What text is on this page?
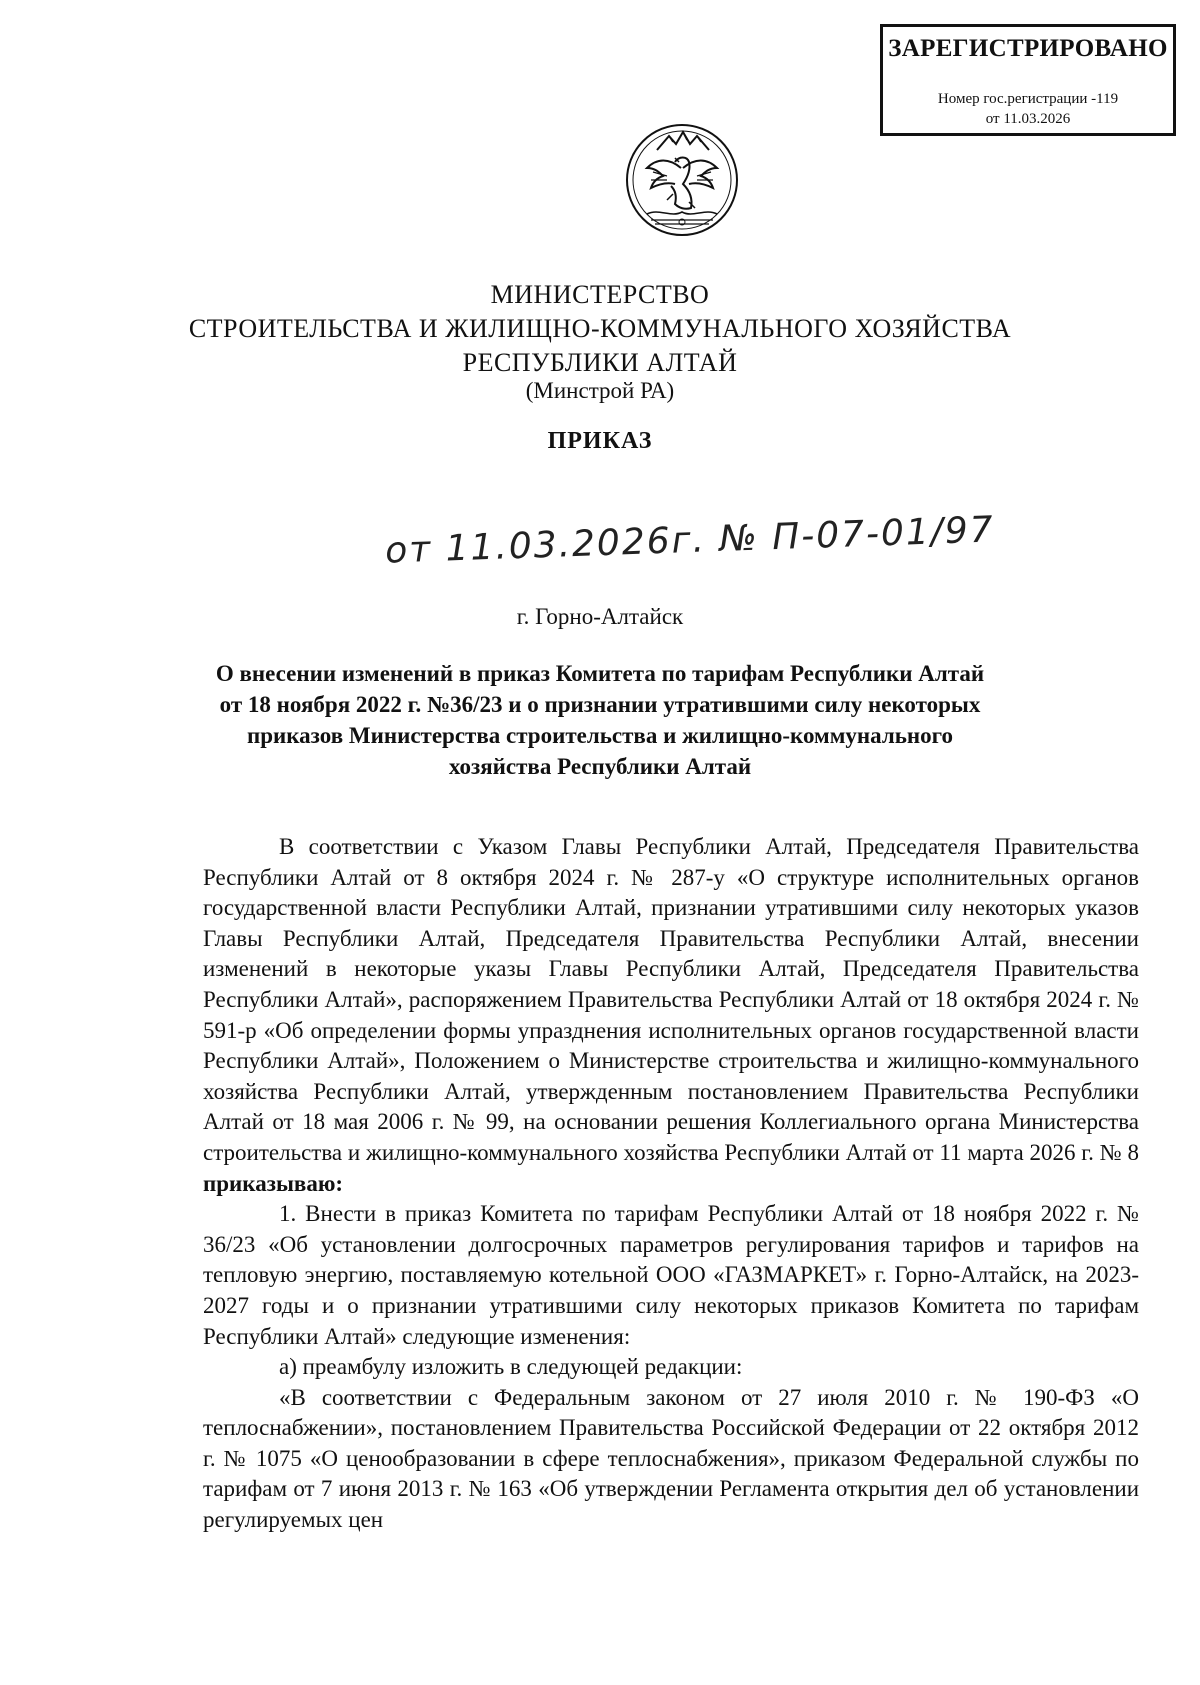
ЗАРЕГИСТРИРОВАНО
Номер гос.регистрации -119
от 11.03.2026
МИНИСТЕРСТВО
СТРОИТЕЛЬСТВА И ЖИЛИЩНО-КОММУНАЛЬНОГО ХОЗЯЙСТВА
РЕСПУБЛИКИ АЛТАЙ
(Минстрой РА)
ПРИКАЗ
от 11.03.2026г. № П-07-01/97
г. Горно-Алтайск
О внесении изменений в приказ Комитета по тарифам Республики Алтай
от 18 ноября 2022 г. №36/23 и о признании утратившими силу некоторых
приказов Министерства строительства и жилищно-коммунального
хозяйства Республики Алтай

В соответствии с Указом Главы Республики Алтай, Председателя Правительства Республики Алтай от 8 октября 2024 г. № 287-у «О структуре исполнительных органов государственной власти Республики Алтай, признании утратившими силу некоторых указов Главы Республики Алтай, Председателя Правительства Республики Алтай, внесении изменений в некоторые указы Главы Республики Алтай, Председателя Правительства Республики Алтай», распоряжением Правительства Республики Алтай от 18 октября 2024 г. № 591-р «Об определении формы упразднения исполнительных органов государственной власти Республики Алтай», Положением о Министерстве строительства и жилищно-коммунального хозяйства Республики Алтай, утвержденным постановлением Правительства Республики Алтай от 18 мая 2006 г. № 99, на основании решения Коллегиального органа Министерства строительства и жилищно-коммунального хозяйства Республики Алтай от 11 марта 2026 г. № 8 приказываю:

1. Внести в приказ Комитета по тарифам Республики Алтай от 18 ноября 2022 г. № 36/23 «Об установлении долгосрочных параметров регулирования тарифов и тарифов на тепловую энергию, поставляемую котельной ООО «ГАЗМАРКЕТ» г. Горно-Алтайск, на 2023-2027 годы и о признании утратившими силу некоторых приказов Комитета по тарифам Республики Алтай» следующие изменения:

а) преамбулу изложить в следующей редакции:

«В соответствии с Федеральным законом от 27 июля 2010 г. № 190-ФЗ «О теплоснабжении», постановлением Правительства Российской Федерации от 22 октября 2012 г. № 1075 «О ценообразовании в сфере теплоснабжения», приказом Федеральной службы по тарифам от 7 июня 2013 г. № 163 «Об утверждении Регламента открытия дел об установлении регулируемых цен
